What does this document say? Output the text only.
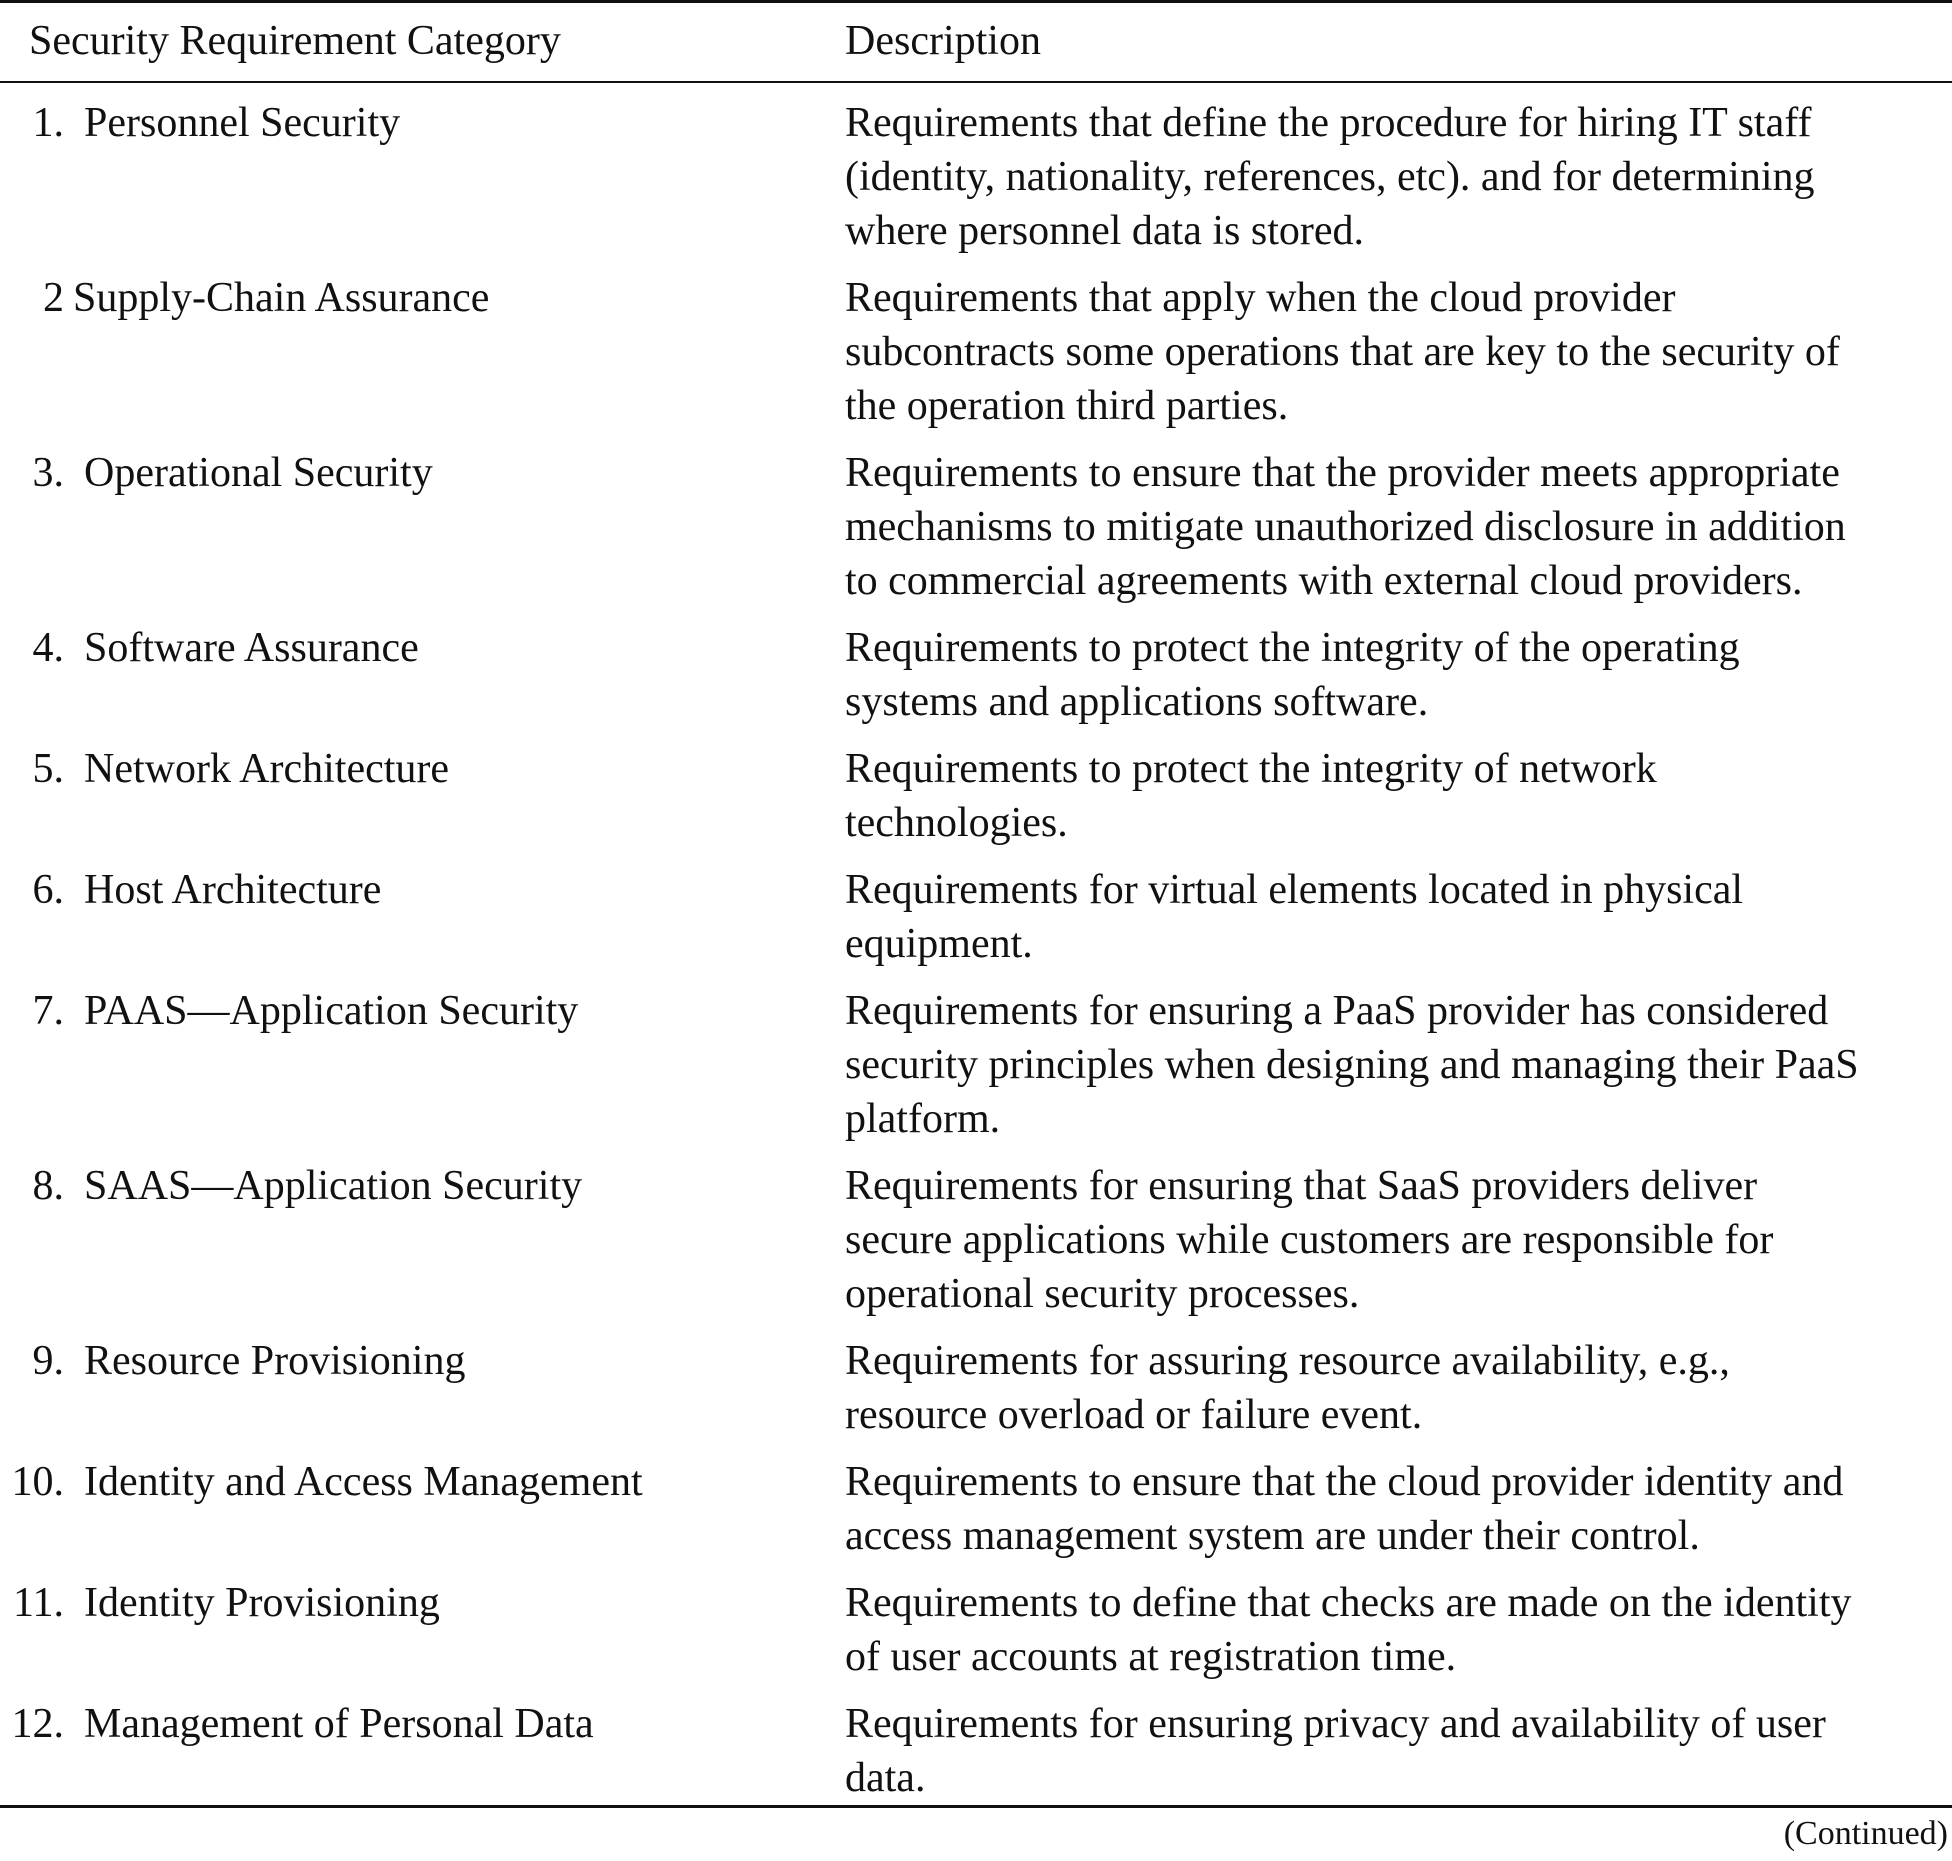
Security Requirement Category	Description
1. Personnel Security	Requirements that define the procedure for hiring IT staff
(identity, nationality, references, etc). and for determining
where personnel data is stored.
2 Supply-Chain Assurance	Requirements that apply when the cloud provider
subcontracts some operations that are key to the security of
the operation third parties.
3. Operational Security	Requirements to ensure that the provider meets appropriate
mechanisms to mitigate unauthorized disclosure in addition
to commercial agreements with external cloud providers.
4. Software Assurance	Requirements to protect the integrity of the operating
systems and applications software.
5. Network Architecture	Requirements to protect the integrity of network
technologies.
6. Host Architecture	Requirements for virtual elements located in physical
equipment.
7. PAAS—Application Security	Requirements for ensuring a PaaS provider has considered
security principles when designing and managing their PaaS
platform.
8. SAAS—Application Security	Requirements for ensuring that SaaS providers deliver
secure applications while customers are responsible for
operational security processes.
9. Resource Provisioning	Requirements for assuring resource availability, e.g.,
resource overload or failure event.
10. Identity and Access Management	Requirements to ensure that the cloud provider identity and
access management system are under their control.
11. Identity Provisioning	Requirements to define that checks are made on the identity
of user accounts at registration time.
12. Management of Personal Data	Requirements for ensuring privacy and availability of user
data.
(Continued)
